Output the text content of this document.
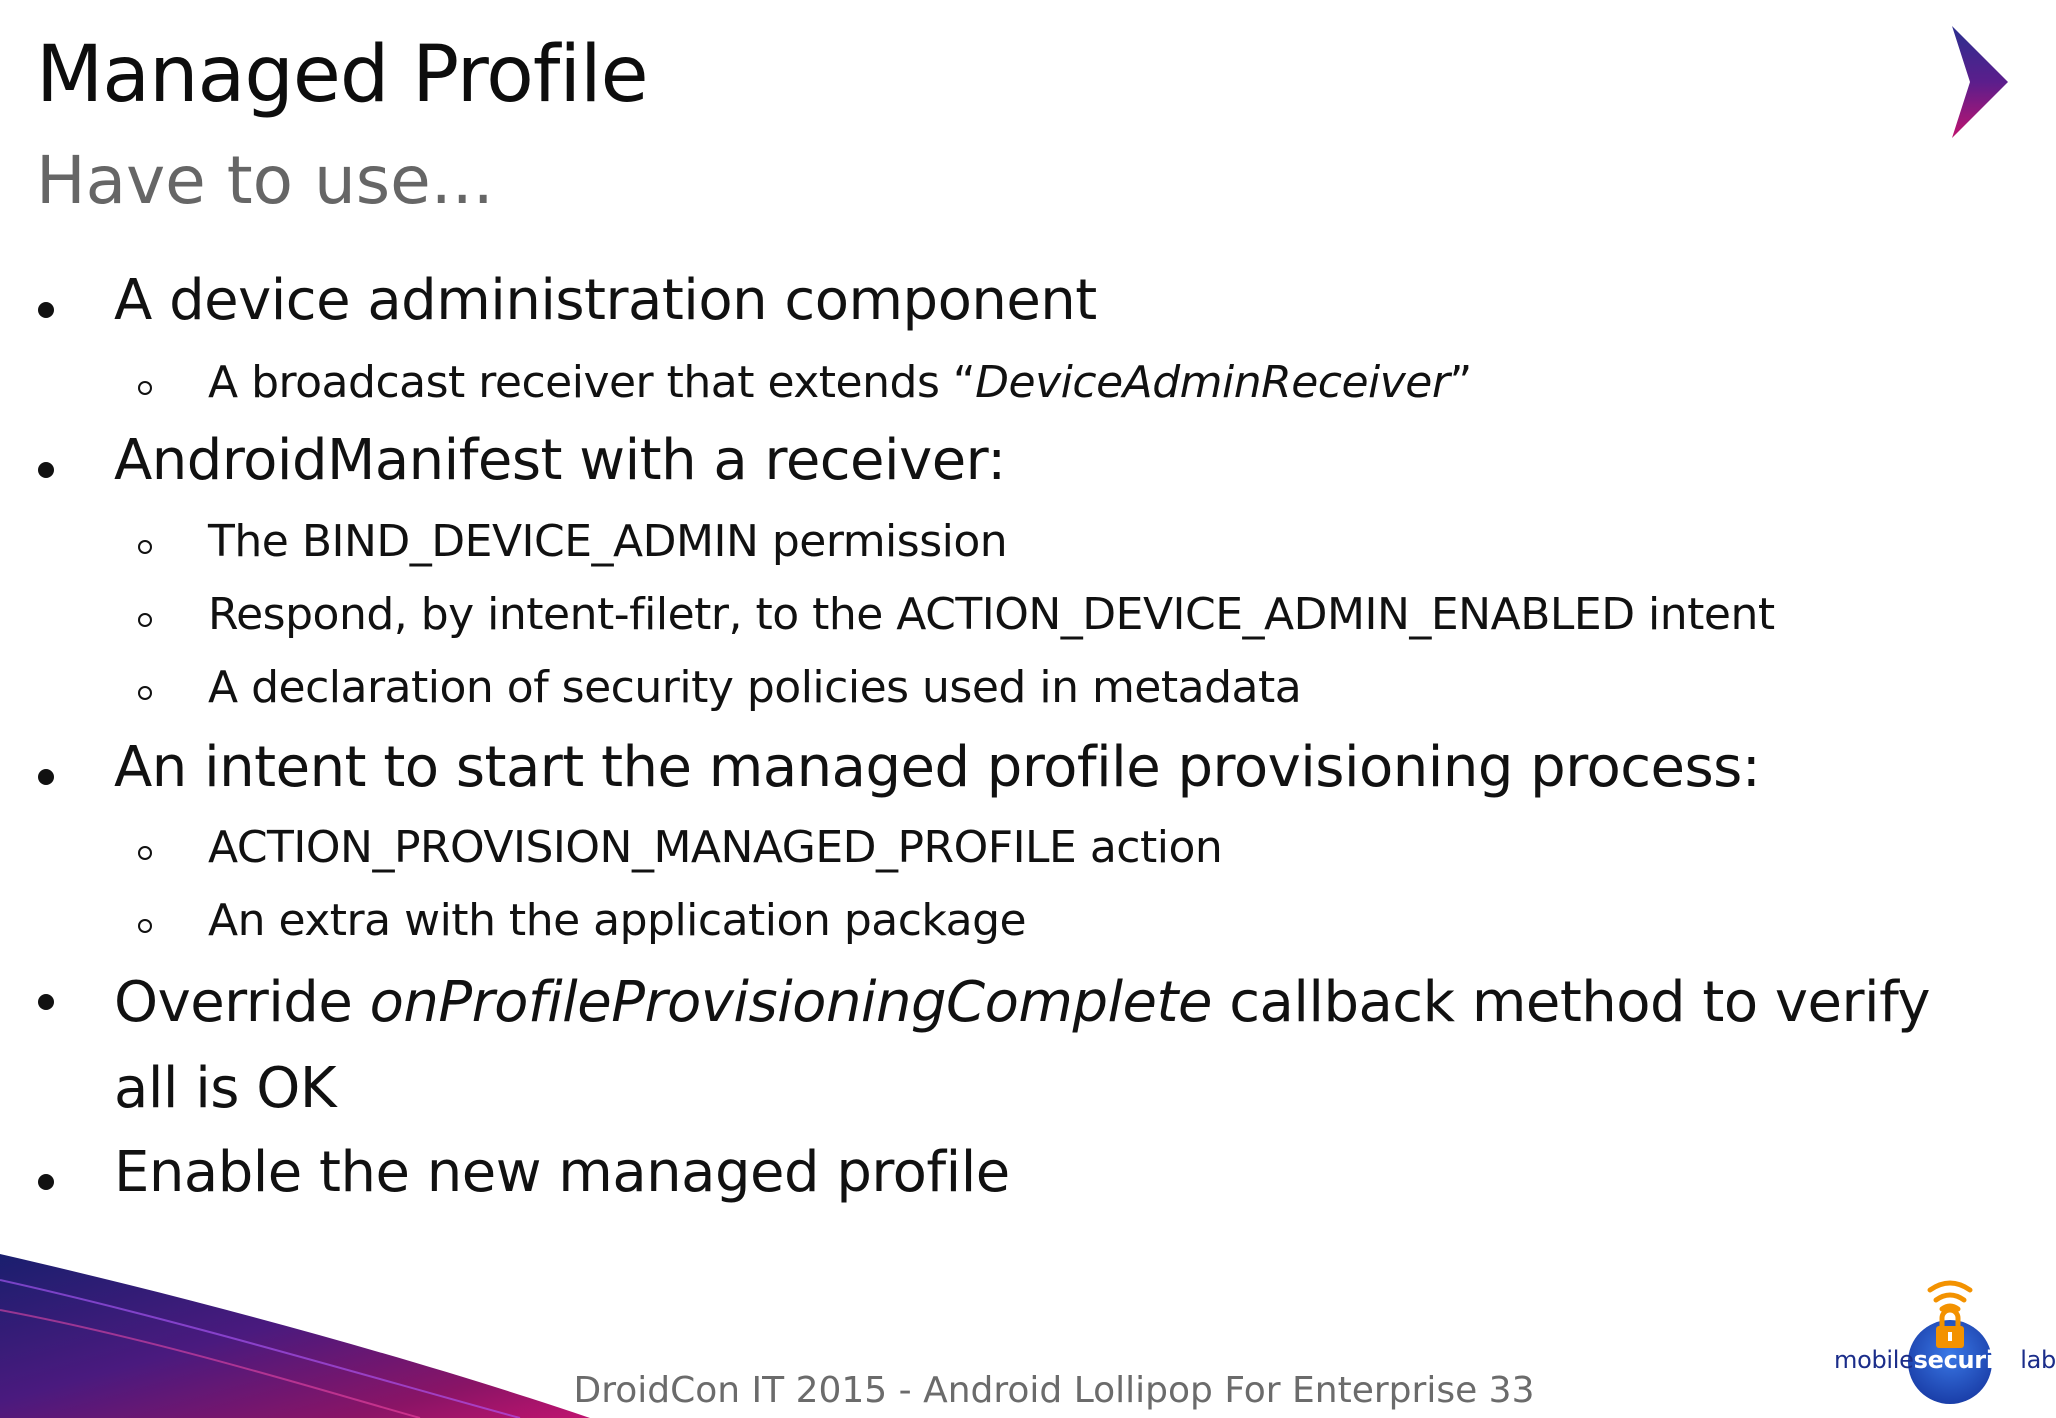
Managed Profile
Have to use...
A device administration component
A broadcast receiver that extends “DeviceAdminReceiver”
AndroidManifest with a receiver:
The BIND_DEVICE_ADMIN permission
Respond, by intent-filetr, to the ACTION_DEVICE_ADMIN_ENABLED intent
A declaration of security policies used in metadata
An intent to start the managed profile provisioning process:
ACTION_PROVISION_MANAGED_PROFILE action
An extra with the application package
Override onProfileProvisioningComplete callback method to verify all is OK
Enable the new managed profile
DroidCon IT 2015 - Android Lollipop For Enterprise 33
mobilesecuritylab
